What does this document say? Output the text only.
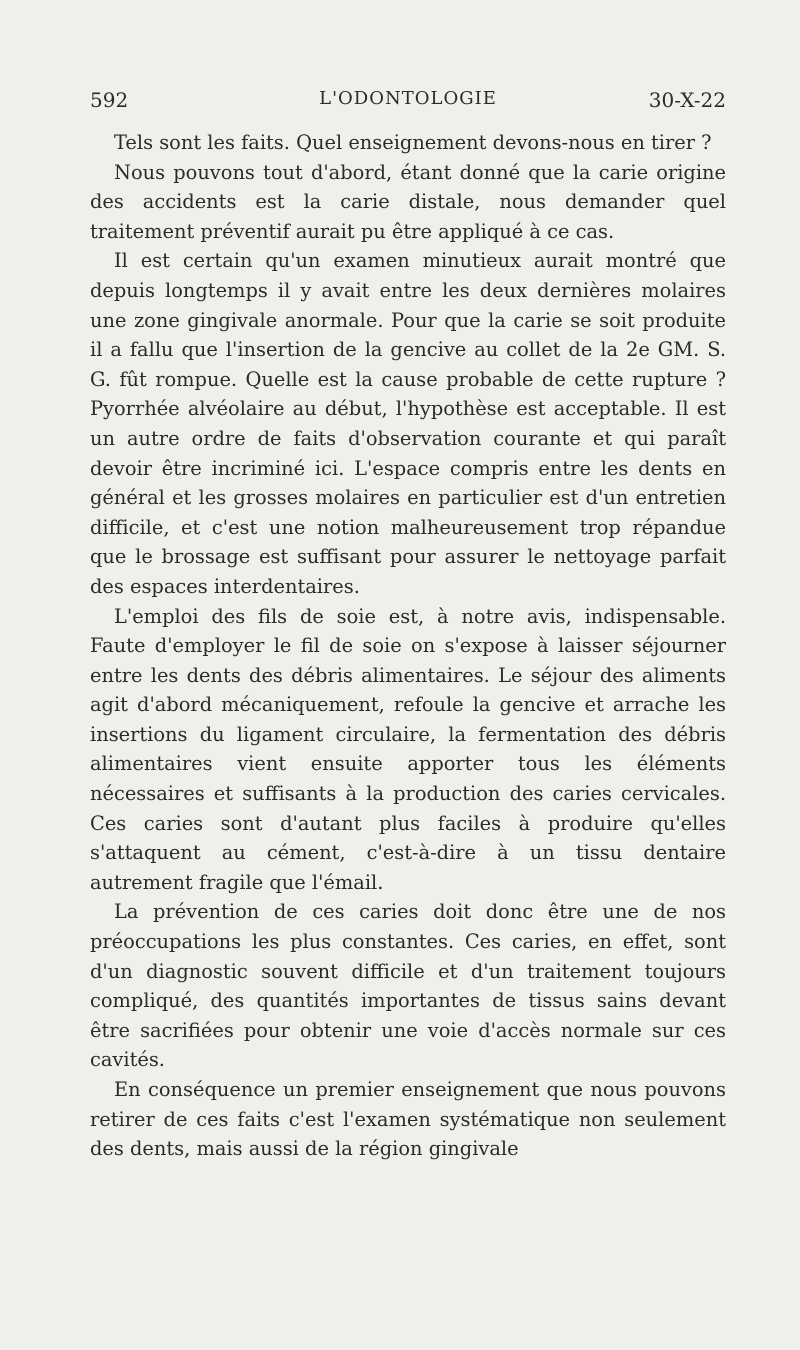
592	L'ODONTOLOGIE	30-X-22

Tels sont les faits. Quel enseignement devons-nous en tirer ?

Nous pouvons tout d'abord, étant donné que la carie origine des accidents est la carie distale, nous demander quel traitement préventif aurait pu être appliqué à ce cas.

Il est certain qu'un examen minutieux aurait montré que depuis longtemps il y avait entre les deux dernières molaires une zone gingivale anormale. Pour que la carie se soit produite il a fallu que l'insertion de la gencive au collet de la 2e GM. S. G. fût rompue. Quelle est la cause probable de cette rupture ? Pyorrhée alvéolaire au début, l'hypothèse est acceptable. Il est un autre ordre de faits d'observation courante et qui paraît devoir être incriminé ici. L'espace compris entre les dents en général et les grosses molaires en particulier est d'un entretien difficile, et c'est une notion malheureusement trop répandue que le brossage est suffisant pour assurer le nettoyage parfait des espaces interdentaires.

L'emploi des fils de soie est, à notre avis, indispensable. Faute d'employer le fil de soie on s'expose à laisser séjourner entre les dents des débris alimentaires. Le séjour des aliments agit d'abord mécaniquement, refoule la gencive et arrache les insertions du ligament circulaire, la fermentation des débris alimentaires vient ensuite apporter tous les éléments nécessaires et suffisants à la production des caries cervicales. Ces caries sont d'autant plus faciles à produire qu'elles s'attaquent au cément, c'est-à-dire à un tissu dentaire autrement fragile que l'émail.

La prévention de ces caries doit donc être une de nos préoccupations les plus constantes. Ces caries, en effet, sont d'un diagnostic souvent difficile et d'un traitement toujours compliqué, des quantités importantes de tissus sains devant être sacrifiées pour obtenir une voie d'accès normale sur ces cavités.

En conséquence un premier enseignement que nous pouvons retirer de ces faits c'est l'examen systématique non seulement des dents, mais aussi de la région gingivale
